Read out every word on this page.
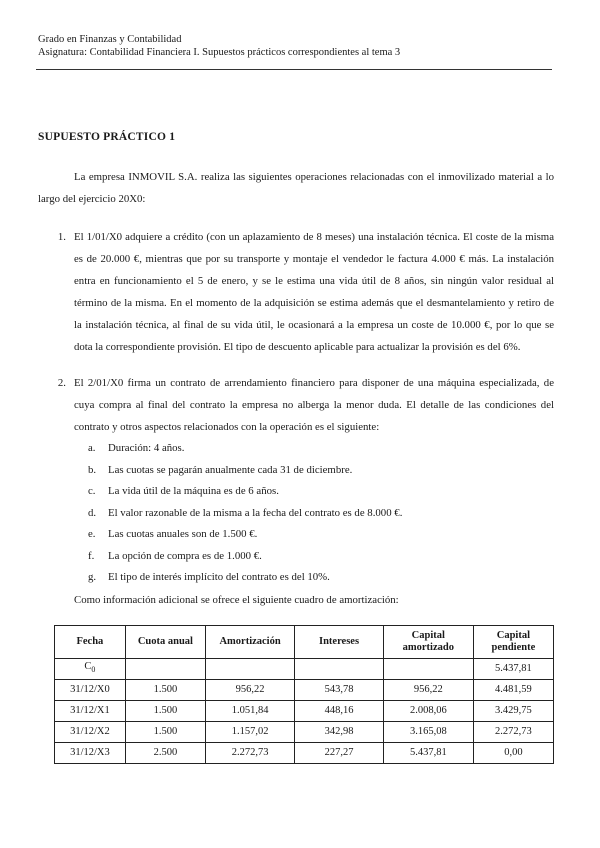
Grado en Finanzas y Contabilidad
Asignatura: Contabilidad Financiera I. Supuestos prácticos correspondientes al tema 3
SUPUESTO PRÁCTICO 1

La empresa INMOVIL S.A. realiza las siguientes operaciones relacionadas con el inmovilizado material a lo largo del ejercicio 20X0:

1. El 1/01/X0 adquiere a crédito (con un aplazamiento de 8 meses) una instalación técnica. El coste de la misma es de 20.000 €, mientras que por su transporte y montaje el vendedor le factura 4.000 € más. La instalación entra en funcionamiento el 5 de enero, y se le estima una vida útil de 8 años, sin ningún valor residual al término de la misma. En el momento de la adquisición se estima además que el desmantelamiento y retiro de la instalación técnica, al final de su vida útil, le ocasionará a la empresa un coste de 10.000 €, por lo que se dota la correspondiente provisión. El tipo de descuento aplicable para actualizar la provisión es del 6%.
2. El 2/01/X0 firma un contrato de arrendamiento financiero para disponer de una máquina especializada, de cuya compra al final del contrato la empresa no alberga la menor duda. El detalle de las condiciones del contrato y otros aspectos relacionados con la operación es el siguiente:
a.	Duración: 4 años.
b.	Las cuotas se pagarán anualmente cada 31 de diciembre.
c.	La vida útil de la máquina es de 6 años.
d.	El valor razonable de la misma a la fecha del contrato es de 8.000 €.
e.	Las cuotas anuales son de 1.500 €.
f.	La opción de compra es de 1.000 €.
g.	El tipo de interés implícito del contrato es del 10%.
Como información adicional se ofrece el siguiente cuadro de amortización:
Fecha	Cuota anual	Amortización	Intereses	Capital amortizado	Capital pendiente
$C_0$					5.437,81
31/12/X0	1.500	956,22	543,78	956,22	4.481,59
31/12/X1	1.500	1.051,84	448,16	2.008,06	3.429,75
31/12/X2	1.500	1.157,02	342,98	3.165,08	2.272,73
31/12/X3	2.500	2.272,73	227,27	5.437,81	0,00
